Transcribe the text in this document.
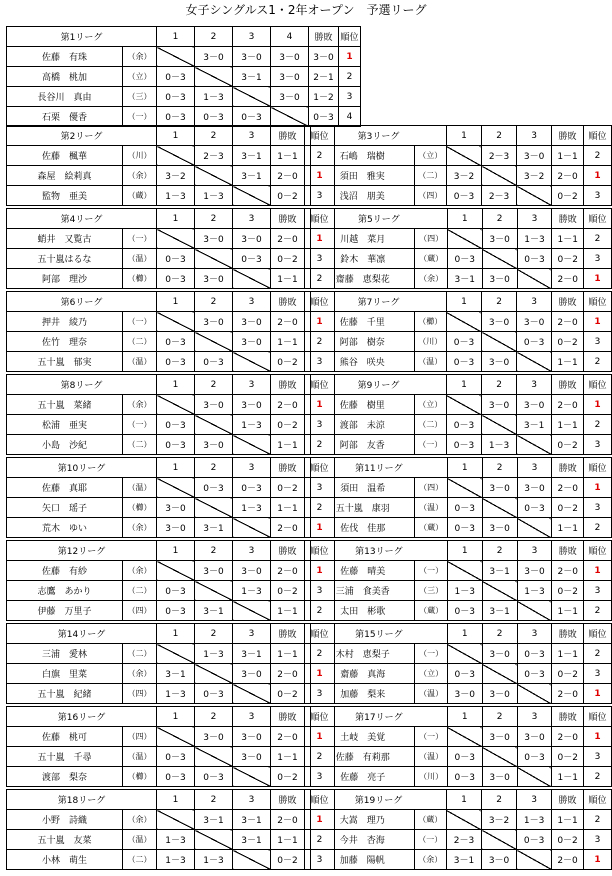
女子シングルス1・2年オープン　予選リーグ
第1リーグ		1	2	3	4	勝敗	順位
佐藤　有珠	（余）		3－0	3－0	3－0	3－0	1
高橋　桃加	（立）	0－3		3－1	3－0	2－1	2
長谷川　真由	（三）	0－3	1－3		3－0	1－2	3
石栗　優香	（一）	0－3	0－3	0－3		0－3	4
第2リーグ		1	2	3	勝敗	順位
佐藤　楓華	（川）		2－3	3－1	1－1	2
森屋　絵莉真	（余）	3－2		3－1	2－0	1
監物　亜美	（蔵）	1－3	1－3		0－2	3
第3リーグ		1	2	3	勝敗	順位
石嶋　瑞樹	（立）		2－3	3－0	1－1	2
須田　雅実	（二）	3－2		3－2	2－0	1
浅沼　朋美	（四）	0－3	2－3		0－2	3
第4リーグ		1	2	3	勝敗	順位
蛸井　又覧古	（一）		3－0	3－0	2－0	1
五十嵐はるな	（温）	0－3		0－3	0－2	3
阿部　理沙	（櫛）	0－3	3－0		1－1	2
第5リーグ		1	2	3	勝敗	順位
川越　菜月	（四）		3－0	1－3	1－1	2
鈴木　華凛	（蔵）	0－3		0－3	0－2	3
齋藤　恵梨花	（余）	3－1	3－0		2－0	1
第6リーグ		1	2	3	勝敗	順位
押井　綾乃	（一）		3－0	3－0	2－0	1
佐竹　理奈	（二）	0－3		3－0	1－1	2
五十嵐　郁実	（温）	0－3	0－3		0－2	3
第7リーグ		1	2	3	勝敗	順位
佐藤　千里	（櫛）		3－0	3－0	2－0	1
阿部　樹奈	（川）	0－3		0－3	0－2	3
熊谷　咲央	（温）	0－3	3－0		1－1	2
第8リーグ		1	2	3	勝敗	順位
五十嵐　菜緒	（余）		3－0	3－0	2－0	1
松浦　亜実	（一）	0－3		1－3	0－2	3
小島　沙紀	（二）	0－3	3－0		1－1	2
第9リーグ		1	2	3	勝敗	順位
佐藤　樹里	（立）		3－0	3－0	2－0	1
渡部　未涼	（二）	0－3		3－1	1－1	2
阿部　友香	（一）	0－3	1－3		0－2	3
第10リーグ		1	2	3	勝敗	順位
佐藤　真耶	（温）		0－3	0－3	0－2	3
矢口　瑶子	（櫛）	3－0		1－3	1－1	2
荒木　ゆい	（余）	3－0	3－1		2－0	1
第11リーグ		1	2	3	勝敗	順位
須田　温希	（四）		3－0	3－0	2－0	1
五十嵐　康羽	（温）	0－3		0－3	0－2	3
佐伐　佳那	（蔵）	0－3	3－0		1－1	2
第12リーグ		1	2	3	勝敗	順位
佐藤　有紗	（余）		3－0	3－0	2－0	1
志鷹　あかり	（二）	0－3		1－3	0－2	3
伊藤　万里子	（四）	0－3	3－1		1－1	2
第13リーグ		1	2	3	勝敗	順位
佐藤　晴美	（一）		3－1	3－0	2－0	1
三浦　食美香	（三）	1－3		1－3	0－2	3
太田　彬歌	（蔵）	0－3	3－1		1－1	2
第14リーグ		1	2	3	勝敗	順位
三浦　愛林	（二）		1－3	3－1	1－1	2
白旗　里菜	（余）	3－1		3－0	2－0	1
五十嵐　紀緒	（四）	1－3	0－3		0－2	3
第15リーグ		1	2	3	勝敗	順位
木村　恵梨子	（一）		3－0	0－3	1－1	2
齋藤　真海	（立）	0－3		0－3	0－2	3
加藤　梨来	（温）	3－0	3－0		2－0	1
第16リーグ		1	2	3	勝敗	順位
佐藤　桃可	（四）		3－0	3－0	2－0	1
五十嵐　千尋	（温）	0－3		3－0	1－1	2
渡部　梨奈	（櫛）	0－3	0－3		0－2	3
第17リーグ		1	2	3	勝敗	順位
土岐　美覚	（一）		3－0	3－0	2－0	1
佐藤　有莉那	（温）	0－3		0－3	0－2	3
佐藤　亮子	（川）	0－3	3－0		1－1	2
第18リーグ		1	2	3	勝敗	順位
小野　詩織	（余）		3－1	3－1	2－0	1
五十嵐　友菜	（温）	1－3		3－1	1－1	2
小林　萌生	（二）	1－3	1－3		0－2	3
第19リーグ		1	2	3	勝敗	順位
大嵩　理乃	（蔵）		3－2	1－3	1－1	2
今井　杏海	（一）	2－3		0－3	0－2	3
加藤　陽帆	（余）	3－1	3－0		2－0	1
